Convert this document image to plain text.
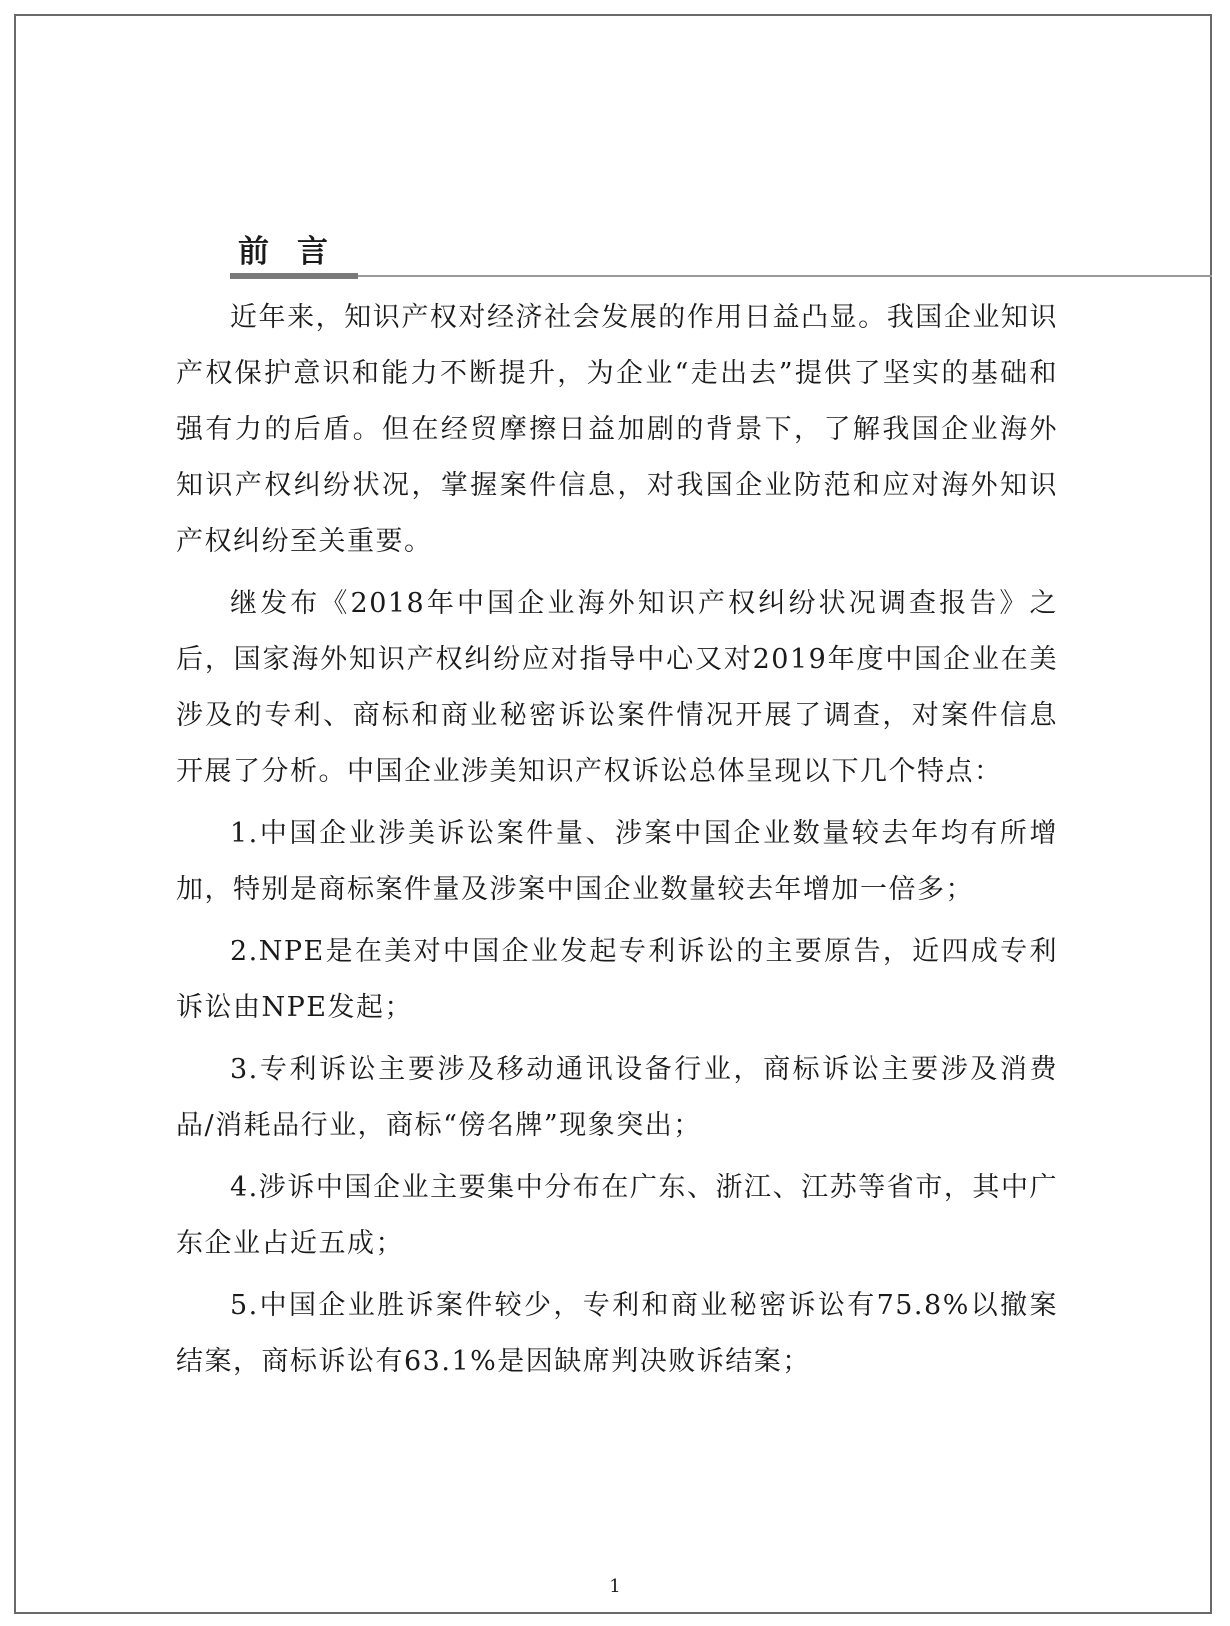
前言

近年来，知识产权对经济社会发展的作用日益凸显。我国企业知识产权保护意识和能力不断提升，为企业“走出去”提供了坚实的基础和强有力的后盾。但在经贸摩擦日益加剧的背景下，了解我国企业海外知识产权纠纷状况，掌握案件信息，对我国企业防范和应对海外知识产权纠纷至关重要。

继发布《2018年中国企业海外知识产权纠纷状况调查报告》之后，国家海外知识产权纠纷应对指导中心又对2019年度中国企业在美涉及的专利、商标和商业秘密诉讼案件情况开展了调查，对案件信息开展了分析。中国企业涉美知识产权诉讼总体呈现以下几个特点：

1.中国企业涉美诉讼案件量、涉案中国企业数量较去年均有所增加，特别是商标案件量及涉案中国企业数量较去年增加一倍多；

2.NPE是在美对中国企业发起专利诉讼的主要原告，近四成专利诉讼由NPE发起；

3.专利诉讼主要涉及移动通讯设备行业，商标诉讼主要涉及消费品/消耗品行业，商标“傍名牌”现象突出；

4.涉诉中国企业主要集中分布在广东、浙江、江苏等省市，其中广东企业占近五成；

5.中国企业胜诉案件较少，专利和商业秘密诉讼有75.8%以撤案结案，商标诉讼有63.1%是因缺席判决败诉结案；

1
